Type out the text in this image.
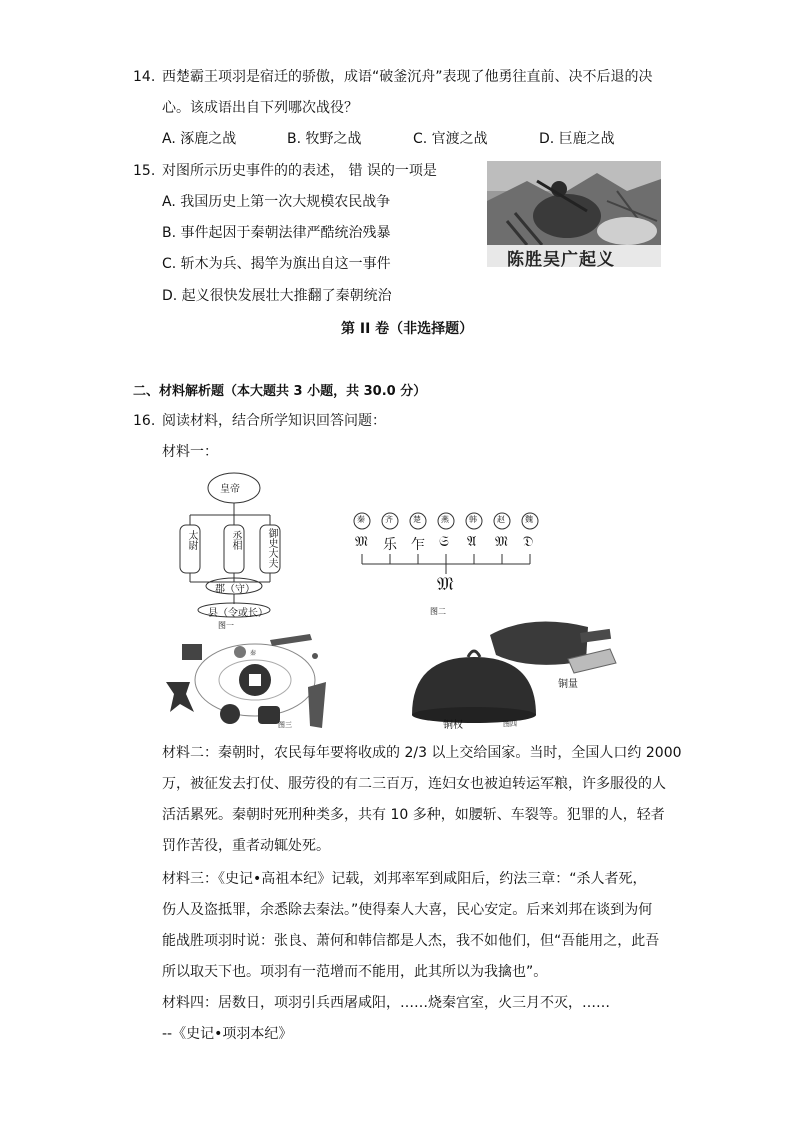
14. 西楚霸王项羽是宿迁的骄傲，成语“破釜沉舟”表现了他勇往直前、决不后退的决
心。该成语出自下列哪次战役？
A. 涿鹿之战	B. 牧野之战	C. 官渡之战	D. 巨鹿之战
15. 对图所示历史事件的的表述， 错 误的一项是
A. 我国历史上第一次大规模农民战争
B. 事件起因于秦朝法律严酷统治残暴
C. 斩木为兵、揭竿为旗出自这一事件
D. 起义很快发展壮大推翻了秦朝统治
陈胜吴广起义
第 II 卷（非选择题）
二、材料解析题（本大题共 3 小题，共 30.0 分）
16. 阅读材料，结合所学知识回答问题：
材料一：
皇帝
太尉	丞相	御史大夫
郡（守）
县（令或长）
图一
秦	齐	楚	燕	韩	赵	魏
𝔐 乐 乍 𝔖 𝔄 𝔐 𝔇
𝔐
图二
秦
图三
铜量
铜权	图四
材料二：秦朝时，农民每年要将收成的 2/3 以上交给国家。当时，全国人口约 2000
万，被征发去打仗、服劳役的有二三百万，连妇女也被迫转运军粮，许多服役的人
活活累死。秦朝时死刑种类多，共有 10 多种，如腰斩、车裂等。犯罪的人，轻者
罚作苦役，重者动辄处死。
材料三：《史记•高祖本纪》记载，刘邦率军到咸阳后，约法三章：“杀人者死，
伤人及盗抵罪，余悉除去秦法。”使得秦人大喜，民心安定。后来刘邦在谈到为何
能战胜项羽时说：张良、萧何和韩信都是人杰，我不如他们，但“吾能用之，此吾
所以取天下也。项羽有一范增而不能用，此其所以为我擒也”。
材料四：居数日，项羽引兵西屠咸阳，……烧秦宫室，火三月不灭，……
--《史记•项羽本纪》
